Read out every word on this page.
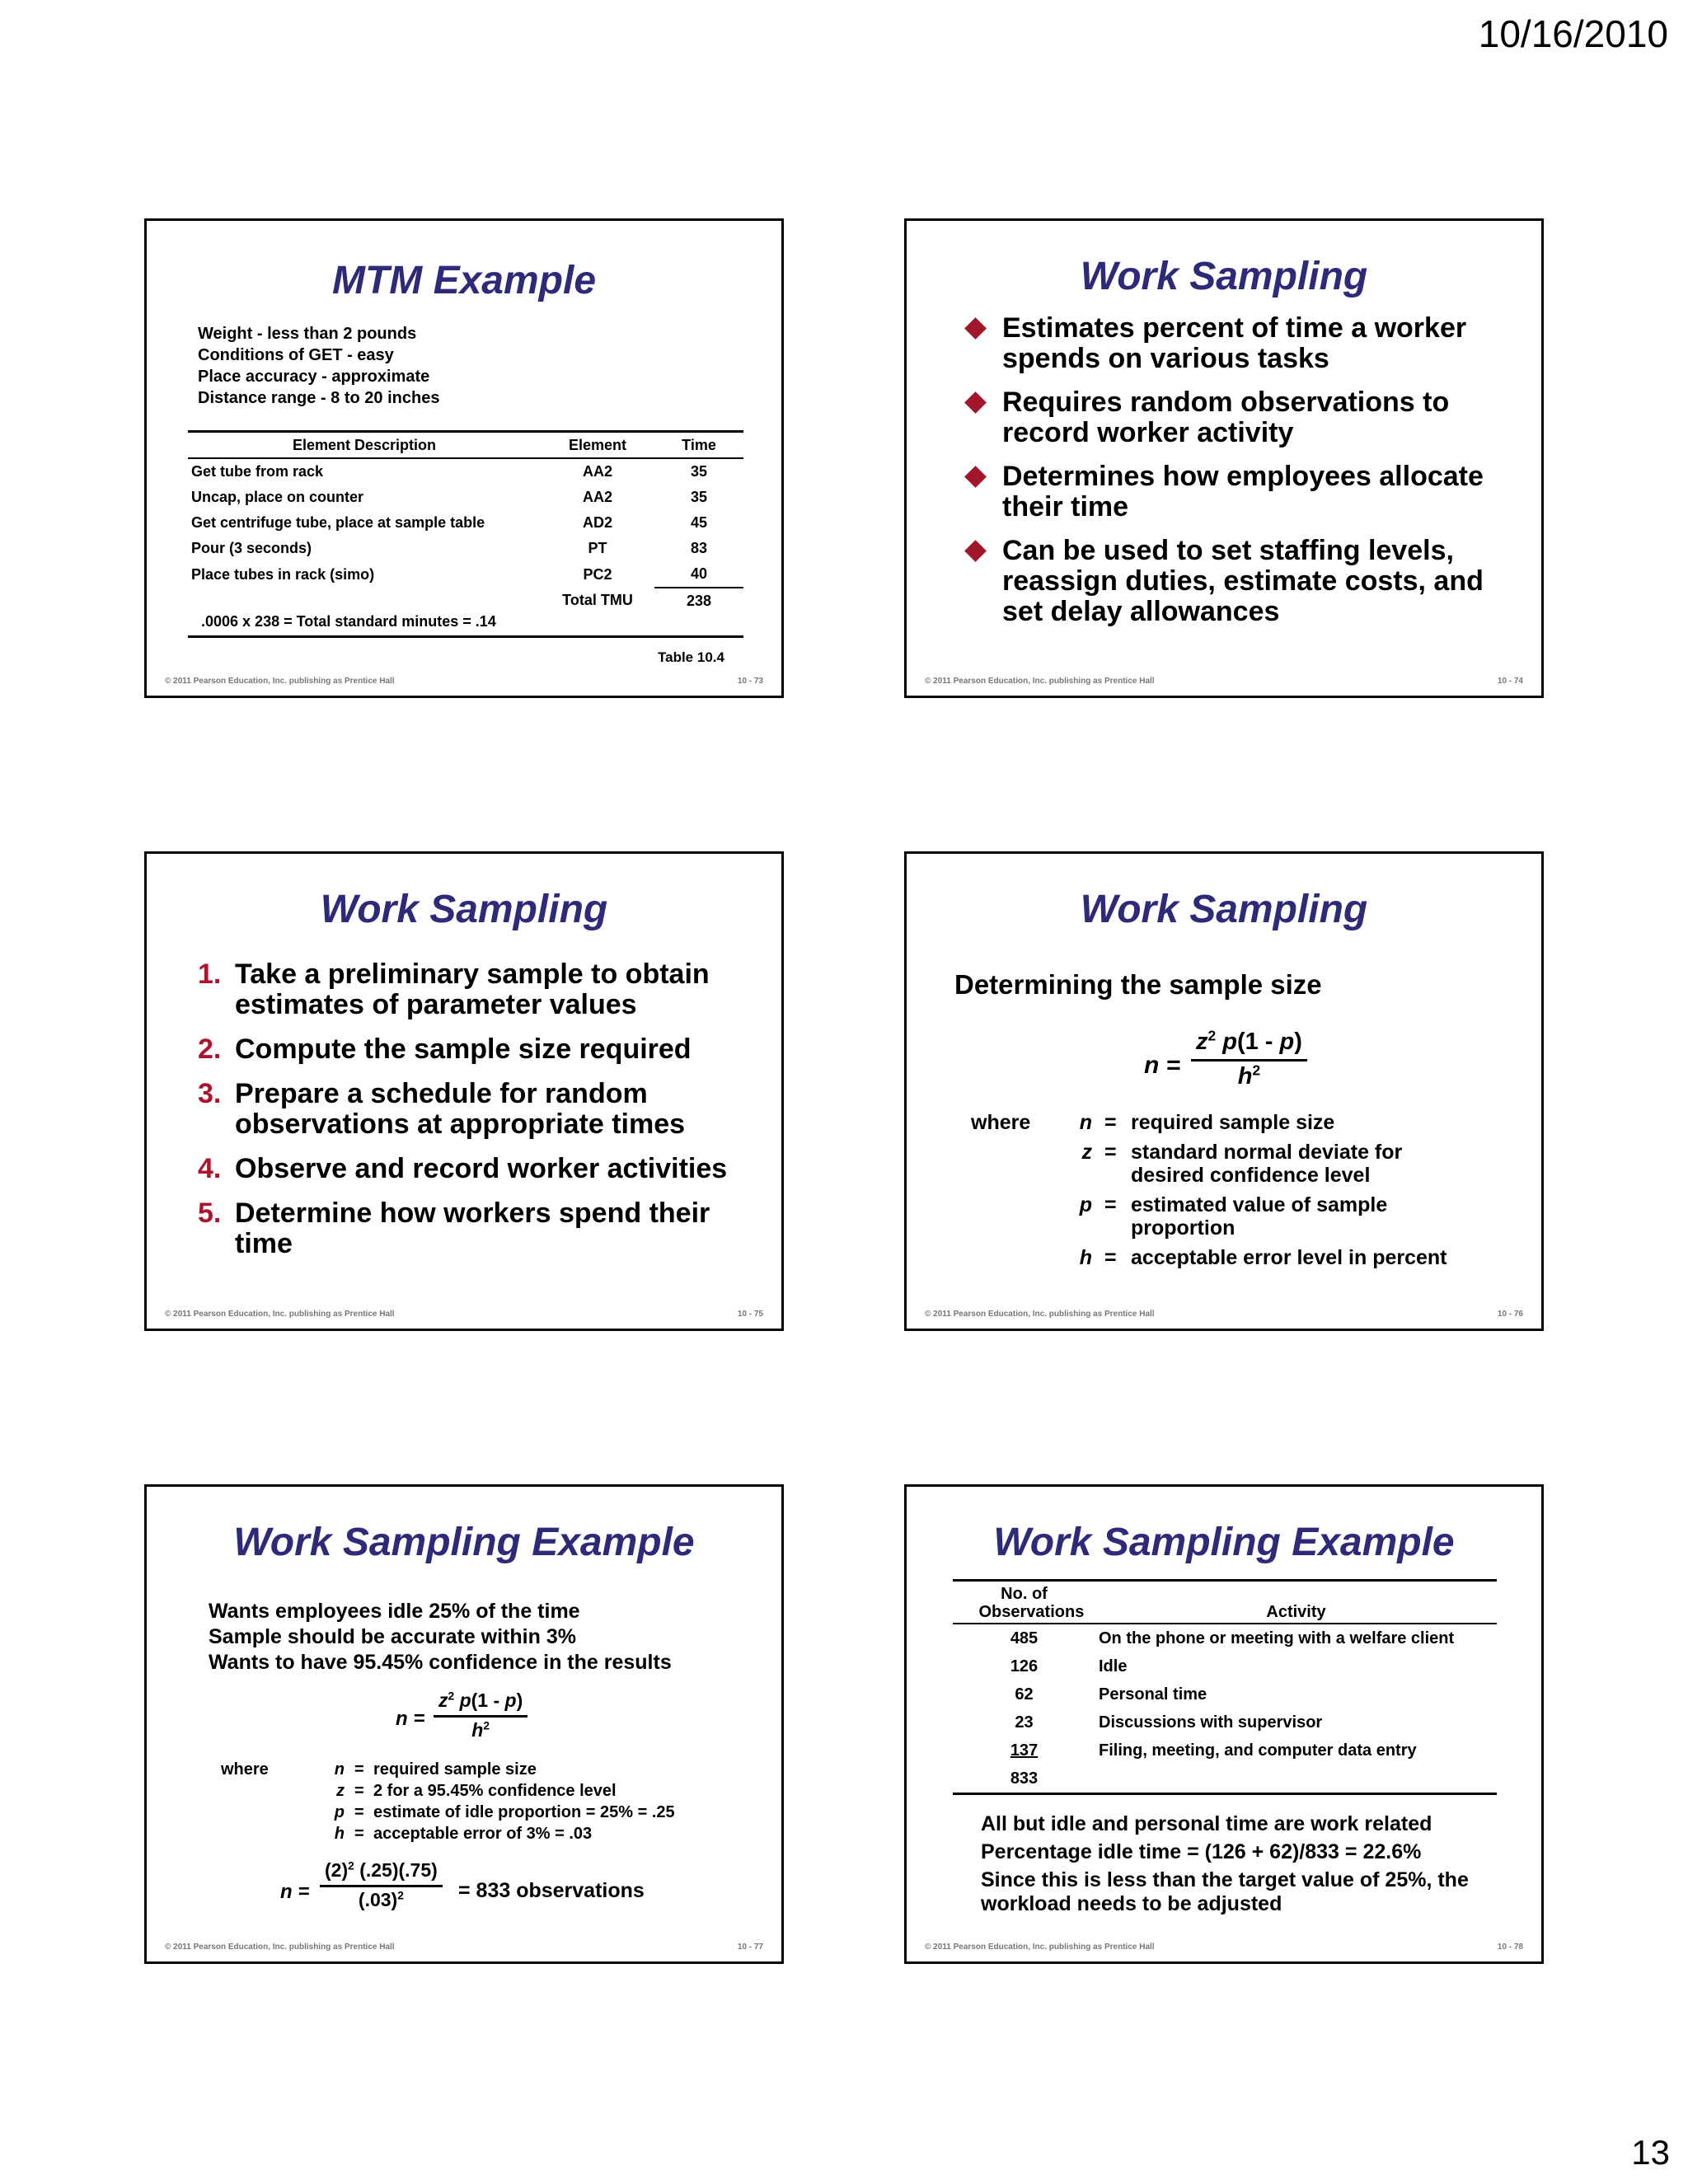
10/16/2010
MTM Example
Weight - less than 2 pounds
Conditions of GET - easy
Place accuracy - approximate
Distance range - 8 to 20 inches
Element Description	Element	Time
Get tube from rack	AA2	35
Uncap, place on counter	AA2	35
Get centrifuge tube, place at sample table	AD2	45
Pour (3 seconds)	PT	83
Place tubes in rack (simo)	PC2	40
	Total TMU	238
.0006 x 238 = Total standard minutes = .14
Table 10.4
© 2011 Pearson Education, Inc. publishing as Prentice Hall	10 - 73
Work Sampling
Estimates percent of time a worker spends on various tasks
Requires random observations to record worker activity
Determines how employees allocate their time
Can be used to set staffing levels, reassign duties, estimate costs, and set delay allowances
© 2011 Pearson Education, Inc. publishing as Prentice Hall	10 - 74
Work Sampling
1. Take a preliminary sample to obtain estimates of parameter values
2. Compute the sample size required
3. Prepare a schedule for random observations at appropriate times
4. Observe and record worker activities
5. Determine how workers spend their time
© 2011 Pearson Education, Inc. publishing as Prentice Hall	10 - 75
Work Sampling
Determining the sample size
$n = \frac{z^2 p(1 - p)}{h^2}$
where n = required sample size
z = standard normal deviate for desired confidence level
p = estimated value of sample proportion
h = acceptable error level in percent
© 2011 Pearson Education, Inc. publishing as Prentice Hall	10 - 76
Work Sampling Example
Wants employees idle 25% of the time
Sample should be accurate within 3%
Wants to have 95.45% confidence in the results
$n = \frac{z^2 p(1 - p)}{h^2}$
where	n = required sample size
z = 2 for a 95.45% confidence level
p = estimate of idle proportion = 25% = .25
h = acceptable error of 3% = .03
$n = \frac{(2)^2 (.25)(.75)}{(.03)^2} = 833$ observations
© 2011 Pearson Education, Inc. publishing as Prentice Hall	10 - 77
Work Sampling Example
No. of Observations	Activity
485	On the phone or meeting with a welfare client
126	Idle
62	Personal time
23	Discussions with supervisor
137	Filing, meeting, and computer data entry
833	
All but idle and personal time are work related
Percentage idle time = (126 + 62)/833 = 22.6%
Since this is less than the target value of 25%, the workload needs to be adjusted
© 2011 Pearson Education, Inc. publishing as Prentice Hall	10 - 78
13
